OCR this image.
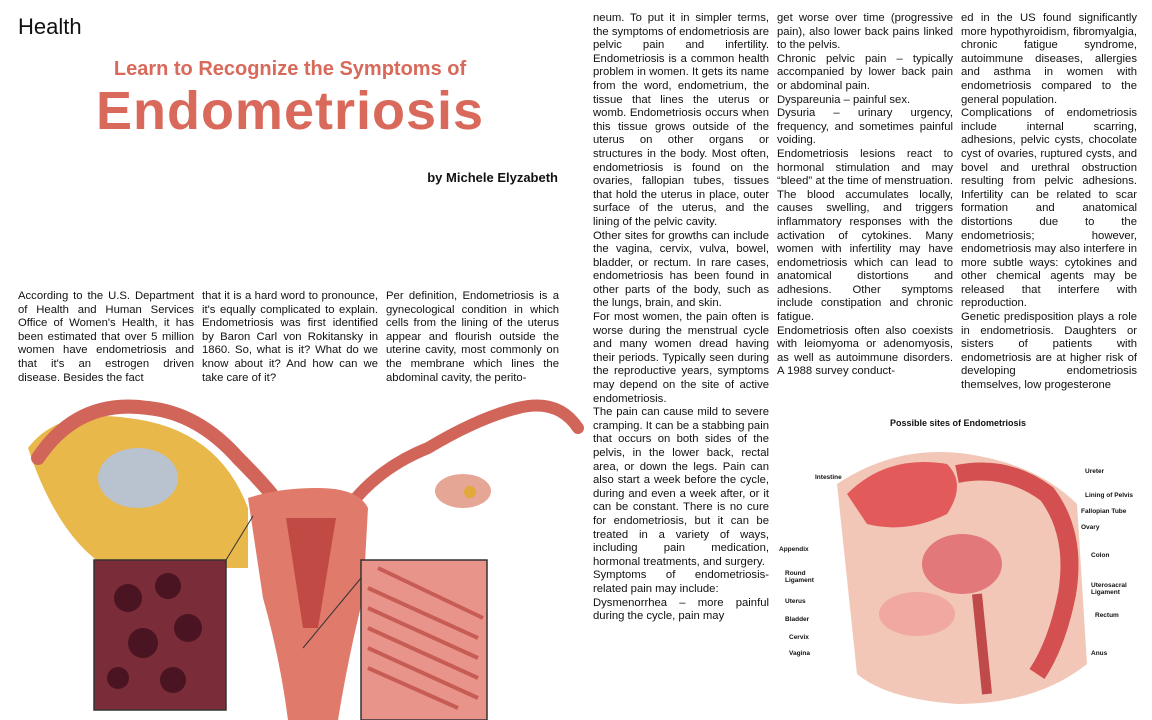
Health
Learn to Recognize the Symptoms of
Endometriosis
by Michele Elyzabeth

According to the U.S. Department of Health and Human Services Office of Women's Health, it has been estimated that over 5 million women have endometriosis and that it's an estrogen driven disease. Besides the fact

that it is a hard word to pronounce, it's equally complicated to explain. Endometriosis was first identified by Baron Carl von Rokitansky in 1860. So, what is it? What do we know about it? And how can we take care of it?

Per definition, Endometriosis is a gynecological condition in which cells from the lining of the uterus appear and flourish outside the uterine cavity, most commonly on the membrane which lines the abdominal cavity, the perito-

neum. To put it in simpler terms, the symptoms of endometriosis are pelvic pain and infertility. Endometriosis is a common health problem in women. It gets its name from the word, endometrium, the tissue that lines the uterus or womb. Endometriosis occurs when this tissue grows outside of the uterus on other organs or structures in the body. Most often, endometriosis is found on the ovaries, fallopian tubes, tissues that hold the uterus in place, outer surface of the uterus, and the lining of the pelvic cavity.

Other sites for growths can include the vagina, cervix, vulva, bowel, bladder, or rectum. In rare cases, endometriosis has been found in other parts of the body, such as the lungs, brain, and skin.

For most women, the pain often is worse during the menstrual cycle and many women dread having their periods. Typically seen during the reproductive years, symptoms may depend on the site of active endometriosis.

The pain can cause mild to severe cramping. It can be a stabbing pain that occurs on both sides of the pelvis, in the lower back, rectal area, or down the legs. Pain can also start a week before the cycle, during and even a week after, or it can be constant. There is no cure for endometriosis, but it can be treated in a variety of ways, including pain medication, hormonal treatments, and surgery.

Symptoms of endometriosis-related pain may include:

Dysmenorrhea – more painful during the cycle, pain may

get worse over time (progressive pain), also lower back pains linked to the pelvis.

Chronic pelvic pain – typically accompanied by lower back pain or abdominal pain.

Dyspareunia – painful sex.

Dysuria – urinary urgency, frequency, and sometimes painful voiding.

Endometriosis lesions react to hormonal stimulation and may “bleed” at the time of menstruation. The blood accumulates locally, causes swelling, and triggers inflammatory responses with the activation of cytokines. Many women with infertility may have endometriosis which can lead to anatomical distortions and adhesions. Other symptoms include constipation and chronic fatigue.

Endometriosis often also coexists with leiomyoma or adenomyosis, as well as autoimmune disorders. A 1988 survey conduct-

ed in the US found significantly more hypothyroidism, fibromyalgia, chronic fatigue syndrome, autoimmune diseases, allergies and asthma in women with endometriosis compared to the general population.

Complications of endometriosis include internal scarring, adhesions, pelvic cysts, chocolate cyst of ovaries, ruptured cysts, and bovel and urethral obstruction resulting from pelvic adhesions. Infertility can be related to scar formation and anatomical distortions due to the endometriosis; however, endometriosis may also interfere in more subtle ways: cytokines and other chemical agents may be released that interfere with reproduction.

Genetic predisposition plays a role in endometriosis. Daughters or sisters of patients with endometriosis are at higher risk of developing endometriosis themselves, low progesterone

Possible sites of Endometriosis
Intestine
Appendix
Round Ligament
Uterus
Bladder
Cervix
Vagina
Ureter
Lining of Pelvis
Fallopian Tube
Ovary
Colon
Uterosacral Ligament
Rectum
Anus
